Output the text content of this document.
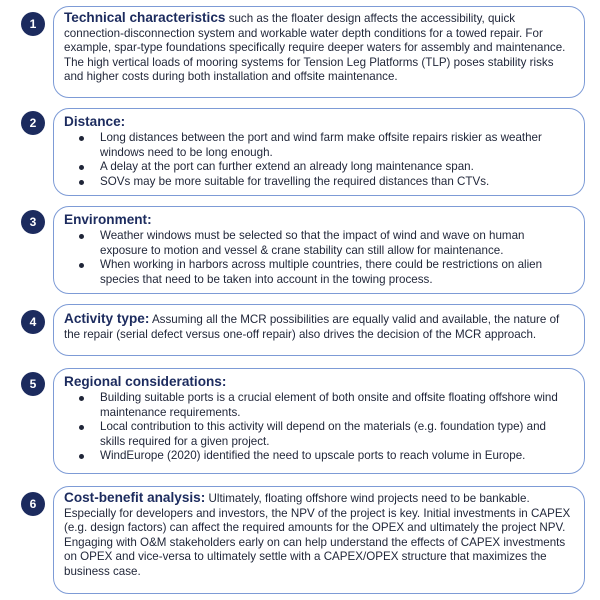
1	Technical characteristics such as the floater design affects the accessibility, quick connection-disconnection system and workable water depth conditions for a towed repair. For example, spar-type foundations specifically require deeper waters for assembly and maintenance. The high vertical loads of mooring systems for Tension Leg Platforms (TLP) poses stability risks and higher costs during both installation and offsite maintenance.
2	Distance:
Long distances between the port and wind farm make offsite repairs riskier as weather windows need to be long enough.
A delay at the port can further extend an already long maintenance span.
SOVs may be more suitable for travelling the required distances than CTVs.
3	Environment:
Weather windows must be selected so that the impact of wind and wave on human exposure to motion and vessel & crane stability can still allow for maintenance.
When working in harbors across multiple countries, there could be restrictions on alien species that need to be taken into account in the towing process.
4	Activity type: Assuming all the MCR possibilities are equally valid and available, the nature of the repair (serial defect versus one-off repair) also drives the decision of the MCR approach.
5	Regional considerations:
Building suitable ports is a crucial element of both onsite and offsite floating offshore wind maintenance requirements.
Local contribution to this activity will depend on the materials (e.g. foundation type) and skills required for a given project.
WindEurope (2020) identified the need to upscale ports to reach volume in Europe.
6	Cost-benefit analysis: Ultimately, floating offshore wind projects need to be bankable. Especially for developers and investors, the NPV of the project is key. Initial investments in CAPEX (e.g. design factors) can affect the required amounts for the OPEX and ultimately the project NPV. Engaging with O&M stakeholders early on can help understand the effects of CAPEX investments on OPEX and vice-versa to ultimately settle with a CAPEX/OPEX structure that maximizes the business case.
